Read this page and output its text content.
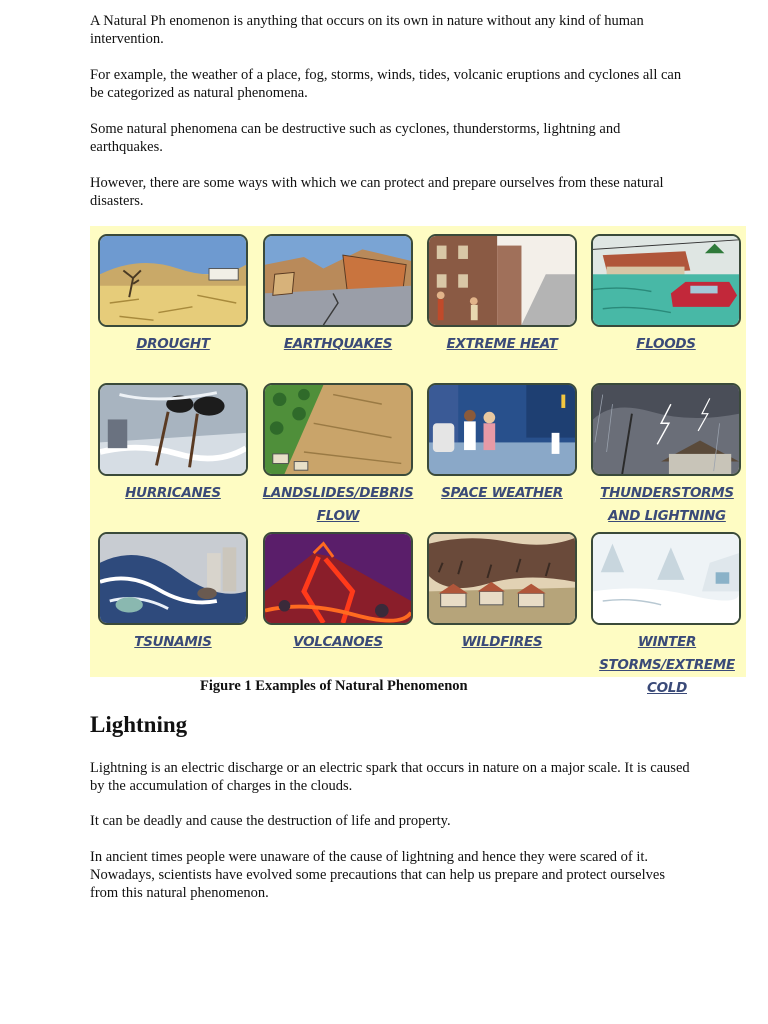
A Natural Ph enomenon is anything that occurs on its own in nature without any kind of human intervention.

For example, the weather of a place, fog, storms, winds, tides, volcanic eruptions and cyclones all can be categorized as natural phenomena.

Some natural phenomena can be destructive such as cyclones, thunderstorms, lightning and earthquakes.

However, there are some ways with which we can protect and prepare ourselves from these natural disasters.

DROUGHT	EARTHQUAKES	EXTREME HEAT	FLOODS
HURRICANES	LANDSLIDES/DEBRIS FLOW
SPACE WEATHER	THUNDERSTORMS AND LIGHTNING
TSUNAMIS	VOLCANOES	WILDFIRES	WINTER STORMS/EXTREME COLD
Figure 1 Examples of Natural Phenomenon
Lightning

Lightning is an electric discharge or an electric spark that occurs in nature on a major scale. It is caused by the accumulation of charges in the clouds.

It can be deadly and cause the destruction of life and property.

In ancient times people were unaware of the cause of lightning and hence they were scared of it. Nowadays, scientists have evolved some precautions that can help us prepare and protect ourselves from this natural phenomenon.
